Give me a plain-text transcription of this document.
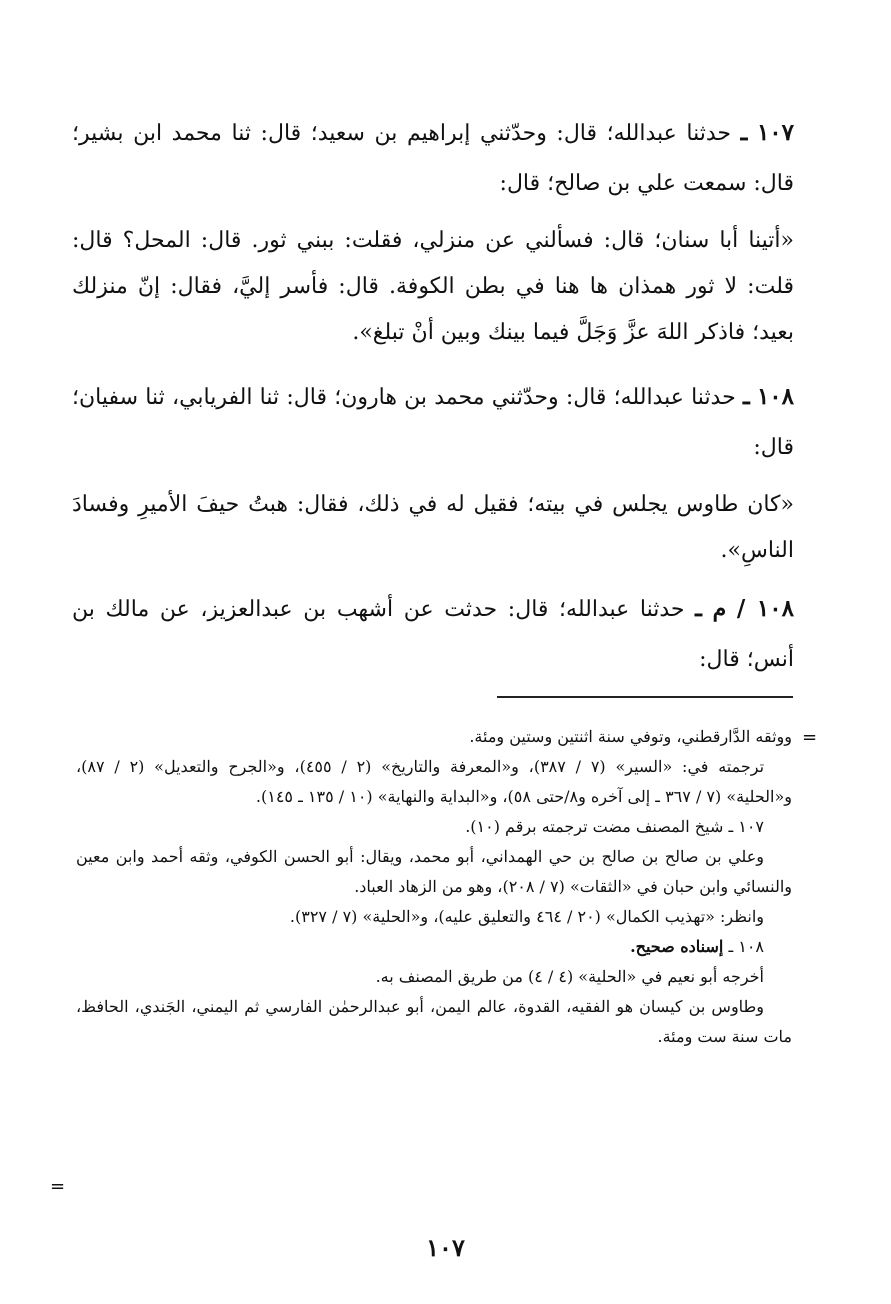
١٠٧ ـ حدثنا عبدالله؛ قال: وحدّثني إبراهيم بن سعيد؛ قال: ثنا محمد ابن بشير؛ قال: سمعت علي بن صالح؛ قال:
«أتينا أبا سنان؛ قال: فسألني عن منزلي، فقلت: ببني ثور. قال: المحل؟ قال: قلت: لا ثور همذان ها هنا في بطن الكوفة. قال: فأسر إليَّ، فقال: إنّ منزلك بعيد؛ فاذكر اللهَ عزَّ وَجَلَّ فيما بينك وبين أنْ تبلغ».
١٠٨ ـ حدثنا عبدالله؛ قال: وحدّثني محمد بن هارون؛ قال: ثنا الفريابي، ثنا سفيان؛ قال:
«كان طاوس يجلس في بيته؛ فقيل له في ذلك، فقال: هبتُ حيفَ الأميرِ وفسادَ الناسِ».
١٠٨ / م ـ حدثنا عبدالله؛ قال: حدثت عن أشهب بن عبدالعزيز، عن مالك بن أنس؛ قال:
=

ووثقه الدَّارقطني، وتوفي سنة اثنتين وستين ومئة.

ترجمته في: «السير» (٧ / ٣٨٧)، و«المعرفة والتاريخ» (٢ / ٤٥٥)، و«الجرح والتعديل» (٢ / ٨٧)، و«الحلية» (٧ / ٣٦٧ ـ إلى آخره و٨/حتى ٥٨)، و«البداية والنهاية» (١٠ / ١٣٥ ـ ١٤٥).

١٠٧ ـ شيخ المصنف مضت ترجمته برقم (١٠).

وعلي بن صالح بن صالح بن حي الهمداني، أبو محمد، ويقال: أبو الحسن الكوفي، وثقه أحمد وابن معين والنسائي وابن حبان في «الثقات» (٧ / ٢٠٨)، وهو من الزهاد العباد.

وانظر: «تهذيب الكمال» (٢٠ / ٤٦٤ والتعليق عليه)، و«الحلية» (٧ / ٣٢٧).

١٠٨ ـ إسناده صحيح.

أخرجه أبو نعيم في «الحلية» (٤ / ٤) من طريق المصنف به.

وطاوس بن كيسان هو الفقيه، القدوة، عالم اليمن، أبو عبدالرحمٰن الفارسي ثم اليمني، الجَندي، الحافظ، مات سنة ست ومئة.

=
١٠٧
